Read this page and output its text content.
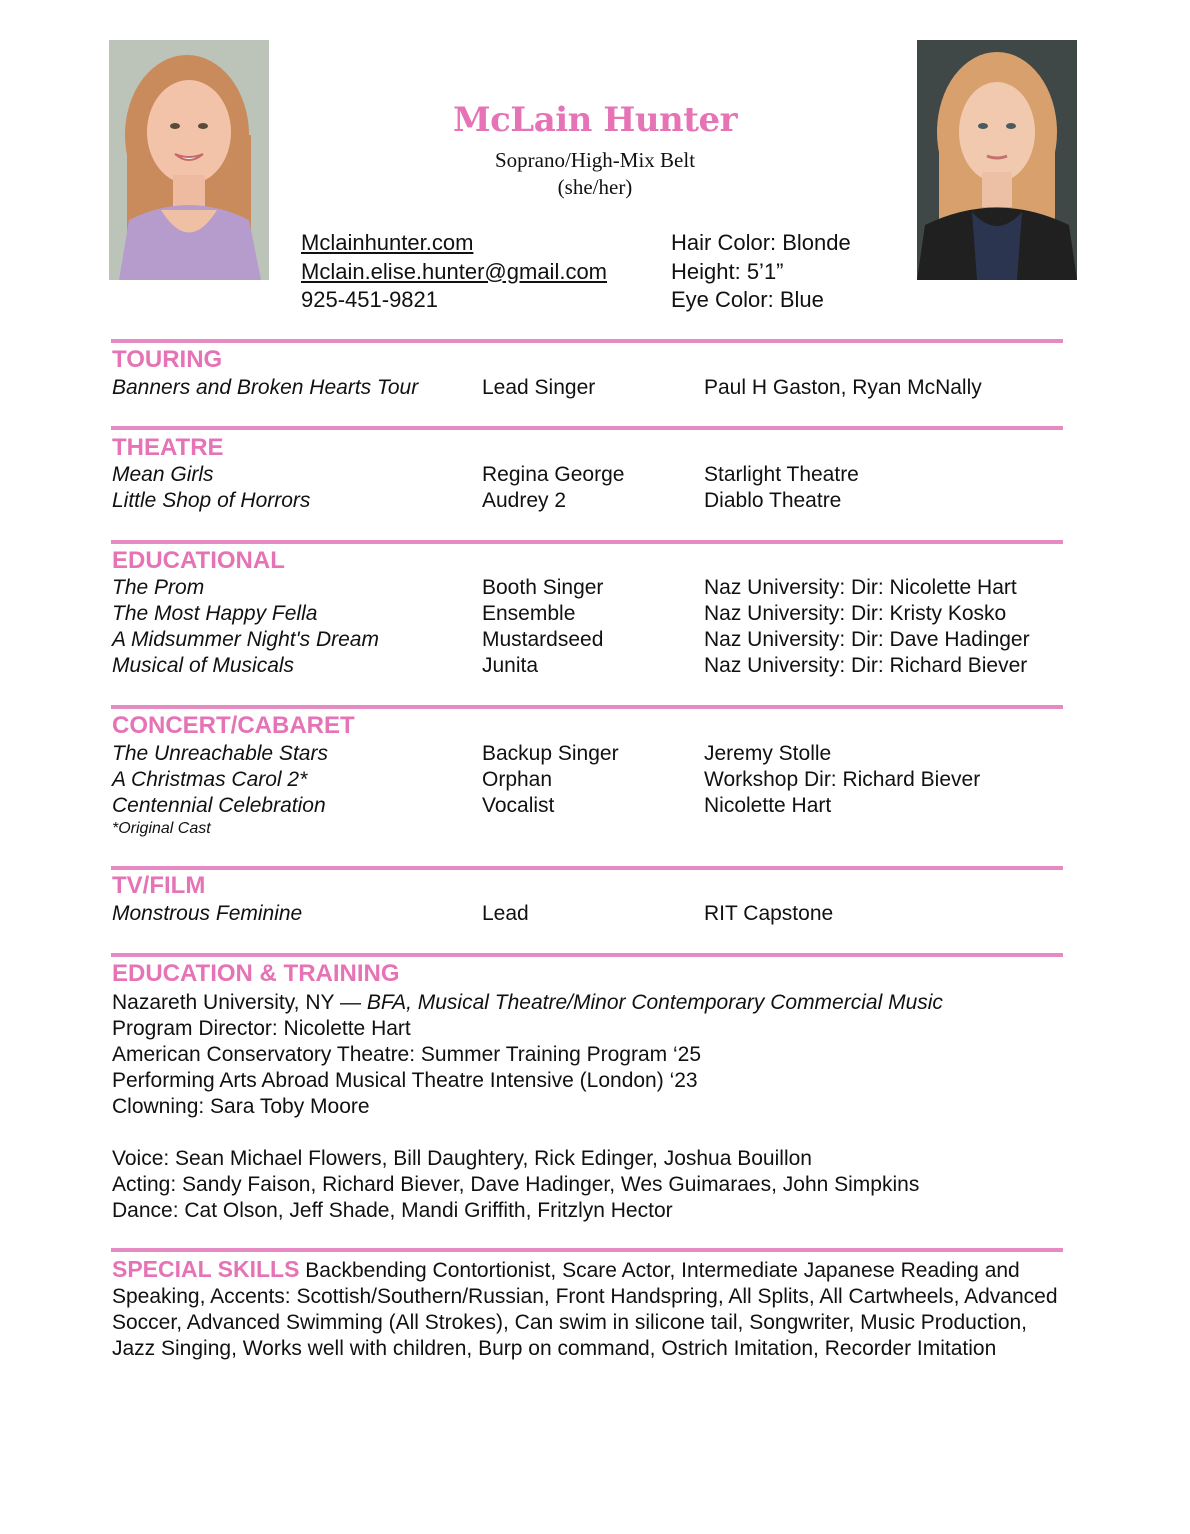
McLain Hunter
Soprano/High-Mix Belt
(she/her)
Mclainhunter.com
Mclain.elise.hunter@gmail.com
925-451-9821
Hair Color: Blonde
Height: 5’1”
Eye Color: Blue
TOURING
Banners and Broken Hearts Tour	Lead Singer	Paul H Gaston, Ryan McNally
THEATRE
Mean Girls	Regina George	Starlight Theatre
Little Shop of Horrors	Audrey 2	Diablo Theatre
EDUCATIONAL
The Prom	Booth Singer	Naz University: Dir: Nicolette Hart
The Most Happy Fella	Ensemble	Naz University: Dir: Kristy Kosko
A Midsummer Night's Dream	Mustardseed	Naz University: Dir: Dave Hadinger
Musical of Musicals	Junita	Naz University: Dir: Richard Biever
CONCERT/CABARET
The Unreachable Stars	Backup Singer	Jeremy Stolle
A Christmas Carol 2*	Orphan	Workshop Dir: Richard Biever
Centennial Celebration	Vocalist	Nicolette Hart
*Original Cast
TV/FILM
Monstrous Feminine	Lead	RIT Capstone
EDUCATION & TRAINING
Nazareth University, NY — BFA, Musical Theatre/Minor Contemporary Commercial Music
Program Director: Nicolette Hart
American Conservatory Theatre: Summer Training Program ‘25
Performing Arts Abroad Musical Theatre Intensive (London) ‘23
Clowning: Sara Toby Moore
Voice: Sean Michael Flowers, Bill Daughtery, Rick Edinger, Joshua Bouillon
Acting: Sandy Faison, Richard Biever, Dave Hadinger, Wes Guimaraes, John Simpkins
Dance: Cat Olson, Jeff Shade, Mandi Griffith, Fritzlyn Hector
SPECIAL SKILLS Backbending Contortionist, Scare Actor, Intermediate Japanese Reading and Speaking, Accents: Scottish/Southern/Russian, Front Handspring, All Splits, All Cartwheels, Advanced Soccer, Advanced Swimming (All Strokes), Can swim in silicone tail, Songwriter, Music Production, Jazz Singing, Works well with children, Burp on command, Ostrich Imitation, Recorder Imitation
